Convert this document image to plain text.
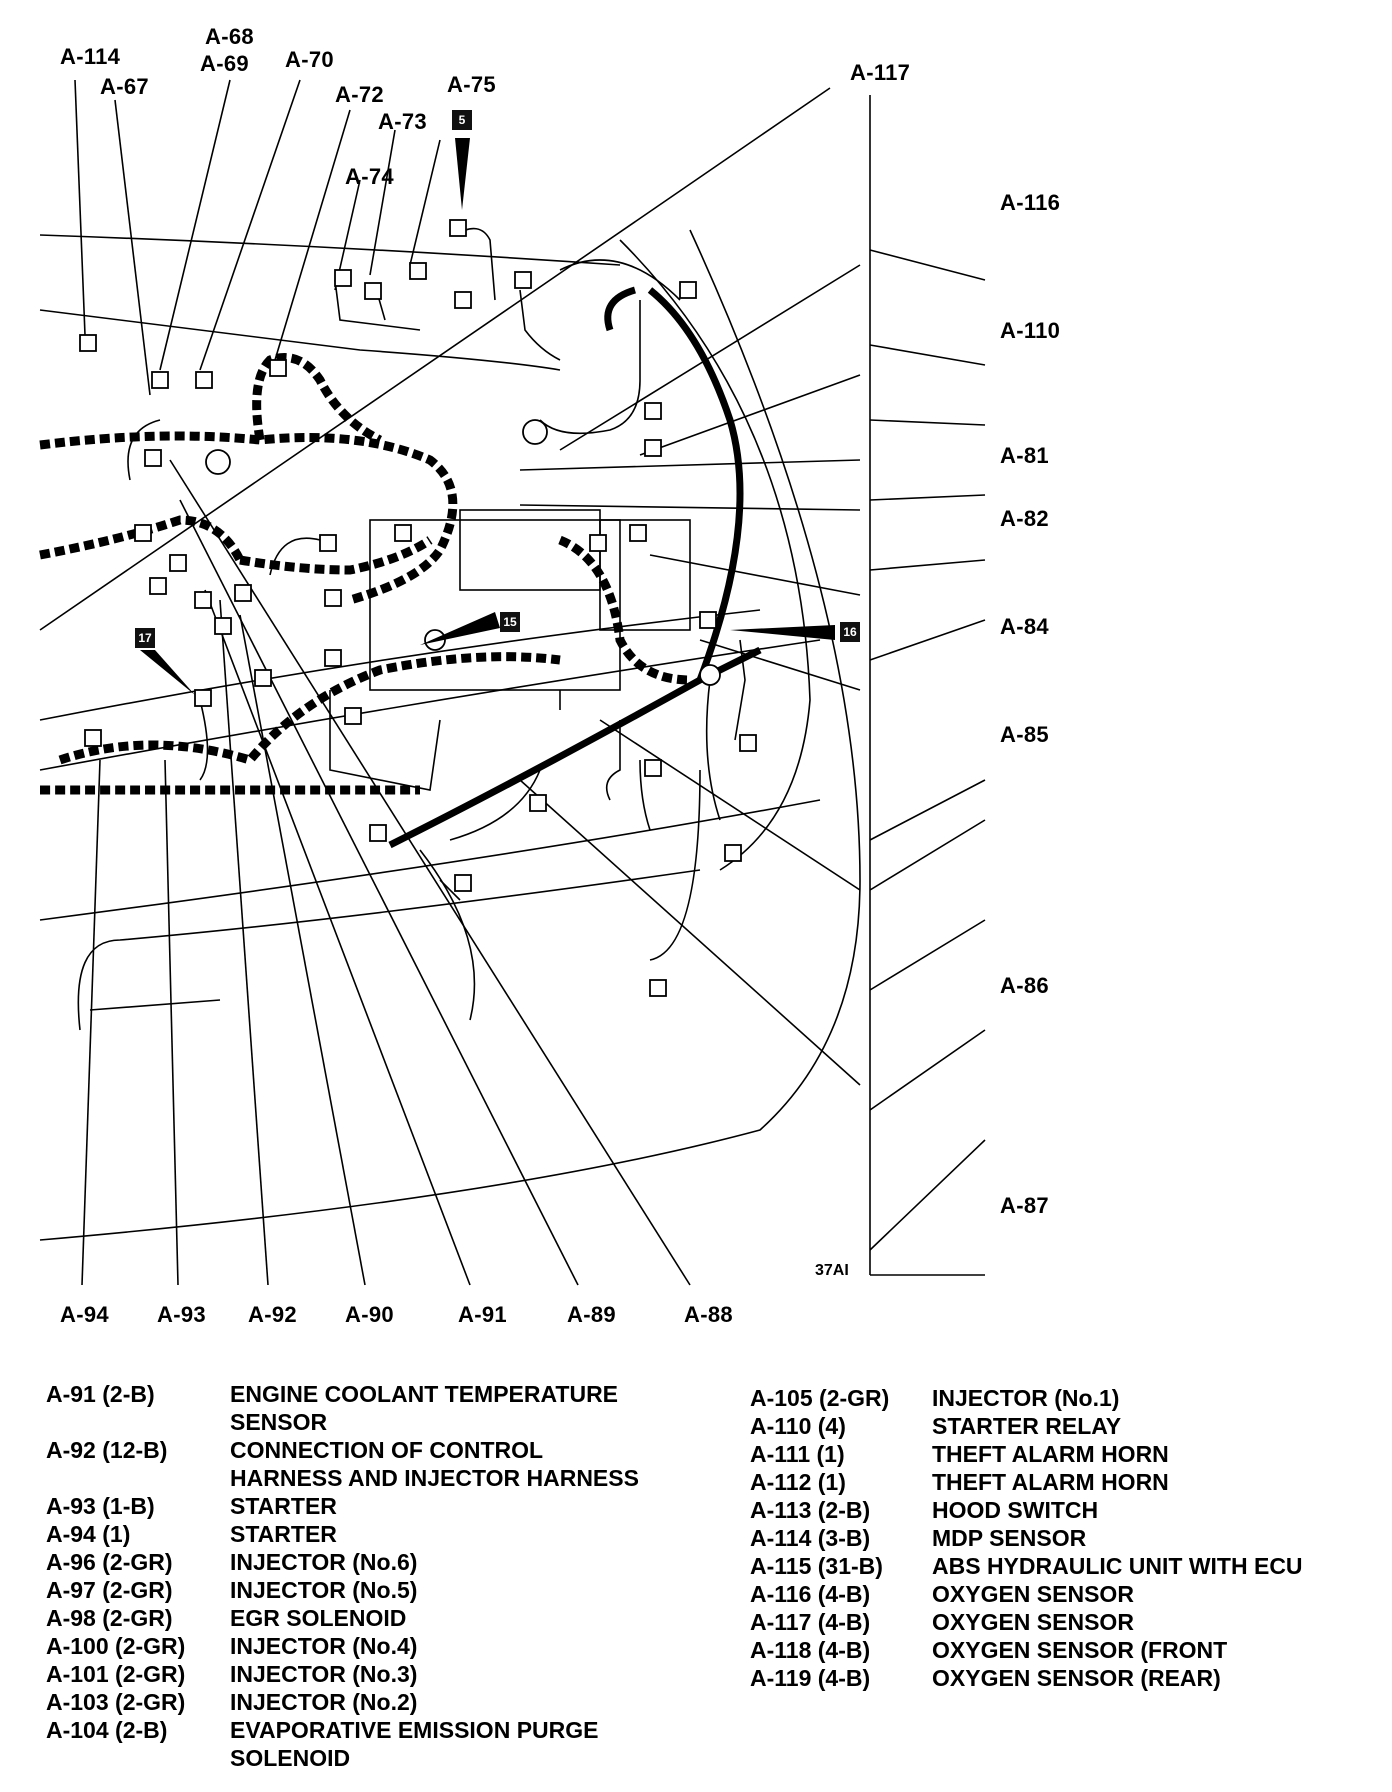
A-114
A-67
A-68
A-69 A-70
A-72
A-73
A-74
A-75	A-117
A-116
A-110
A-81
A-82
A-84
A-85
A-86
A-87
A-94 A-93 A-92 A-90	A-91	A-89	A-88
5
15
16
17
37AI
A-91 (2-B)	ENGINE COOLANT TEMPERATURE
SENSOR
A-92 (12-B)	CONNECTION OF CONTROL
HARNESS AND INJECTOR HARNESS
A-93 (1-B)	STARTER
A-94 (1)	STARTER
A-96 (2-GR) INJECTOR (No.6)
A-97 (2-GR) INJECTOR (No.5)
A-98 (2-GR) EGR SOLENOID
A-100 (2-GR) INJECTOR (No.4)
A-101 (2-GR) INJECTOR (No.3)
A-103 (2-GR) INJECTOR (No.2)
A-104 (2-B)	EVAPORATIVE EMISSION PURGE
SOLENOID
A-105 (2-GR) INJECTOR (No.1)
A-110 (4)	STARTER RELAY
A-111 (1)	THEFT ALARM HORN
A-112 (1)	THEFT ALARM HORN
A-113 (2-B)	HOOD SWITCH
A-114 (3-B)	MDP SENSOR
A-115 (31-B) ABS HYDRAULIC UNIT WITH ECU
A-116 (4-B)	OXYGEN SENSOR
A-117 (4-B)	OXYGEN SENSOR
A-118 (4-B)	OXYGEN SENSOR (FRONT
A-119 (4-B)	OXYGEN SENSOR (REAR)
